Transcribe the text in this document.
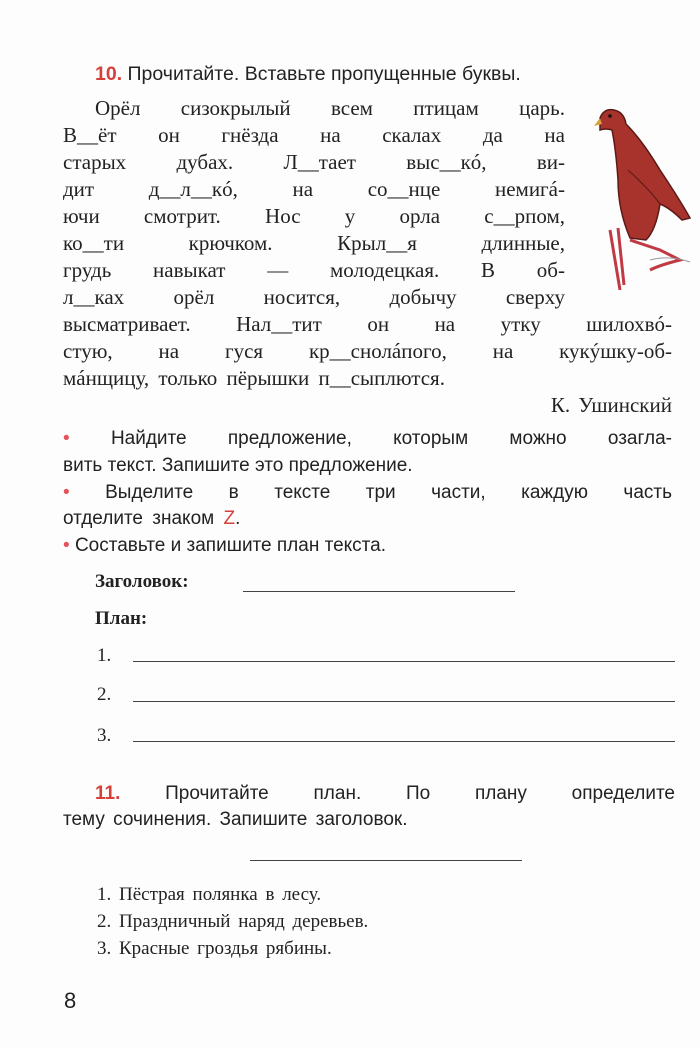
10. Прочитайте. Вставьте пропущенные буквы.
Орёл сизокрылый всем птицам царь.
В__ёт он гнёзда на скалах да на
старых дубах. Л__тает выс__кó, ви-
дит д__л__кó, на со__нце немигá-
ючи смотрит. Нос у орла с__рпом,
ко__ти крючком. Крыл__я длинные,
грудь навыкат — молодецкая. В об-
л__ках орёл носится, добычу сверху
высматривает. Нал__тит он на утку шилохвó-
стую, на гуся кр__снолáпого, на кукýшку-об-
мáнщицу, только пёрышки п__сыплются.
К. Ушинский
• Найдите предложение, которым можно озагла-
вить текст. Запишите это предложение.
• Выделите в тексте три части, каждую часть
отделите знаком Z.
• Составьте и запишите план текста.
Заголовок:
План:
1.
2.
3.
11. Прочитайте план. По плану определите
тему сочинения. Запишите заголовок.
1. Пёстрая полянка в лесу.
2. Праздничный наряд деревьев.
3. Красные гроздья рябины.
8
